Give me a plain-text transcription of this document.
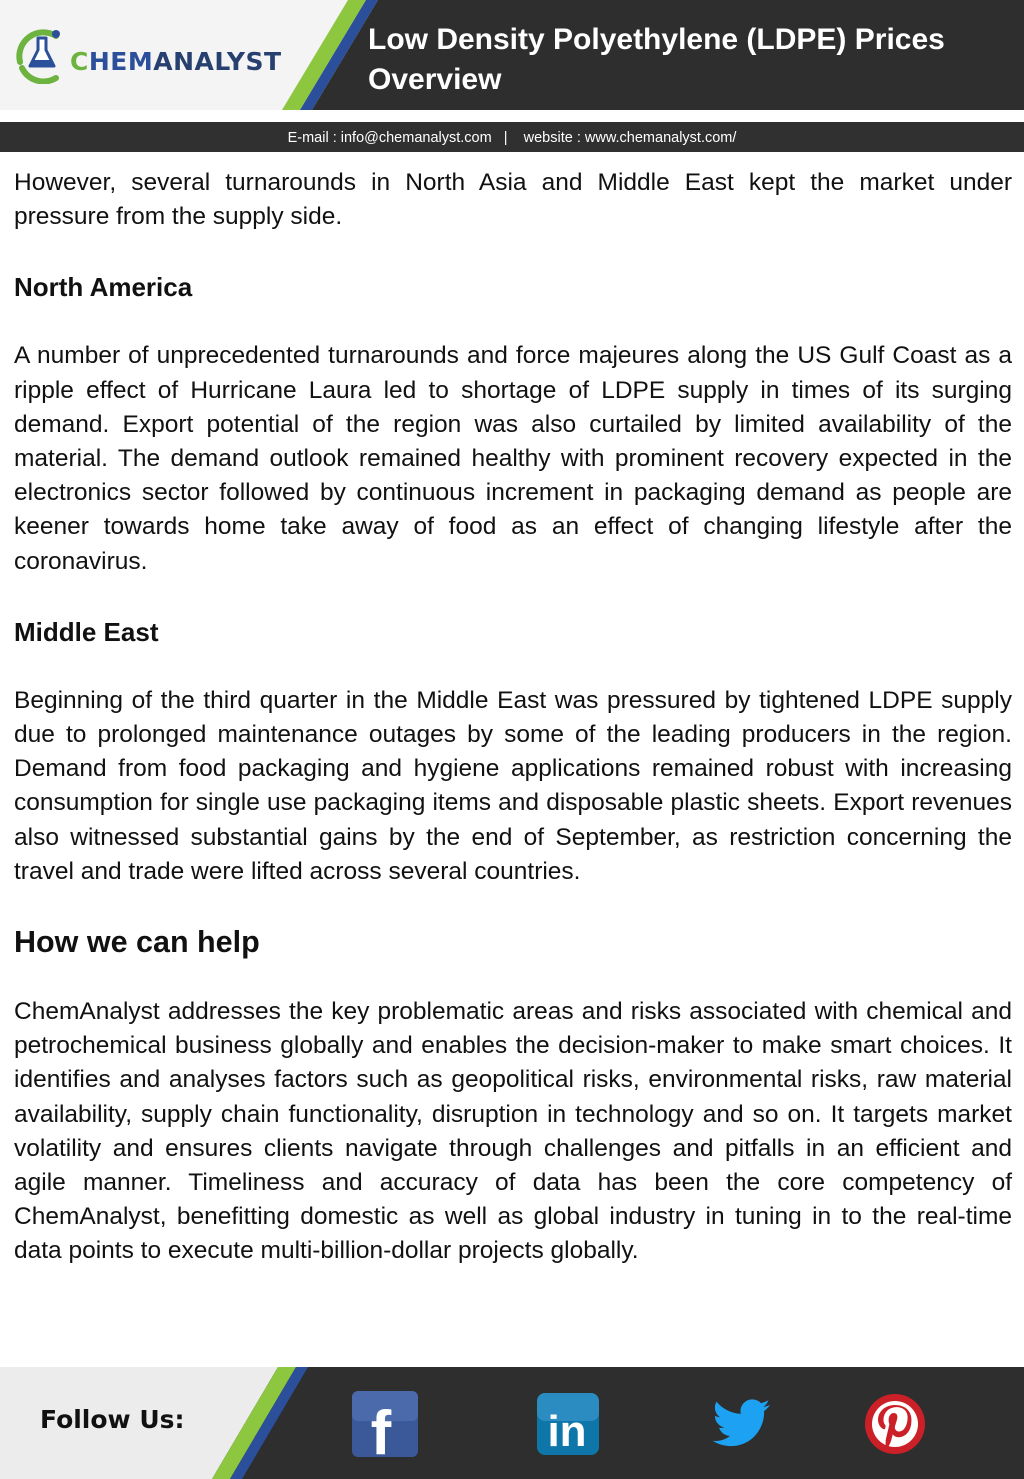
CHEMANALYST
Low Density Polyethylene (LDPE) Prices Overview
E-mail : info@chemanalyst.com   |    website : www.chemanalyst.com/

However, several turnarounds in North Asia and Middle East kept the market under pressure from the supply side.

North America

A number of unprecedented turnarounds and force majeures along the US Gulf Coast as a ripple effect of Hurricane Laura led to shortage of LDPE supply in times of its surging demand. Export potential of the region was also curtailed by limited availability of the material. The demand outlook remained healthy with prominent recovery expected in the electronics sector followed by continuous increment in packaging demand as people are keener towards home take away of food as an effect of changing lifestyle after the coronavirus.

Middle East

Beginning of the third quarter in the Middle East was pressured by tightened LDPE supply due to prolonged maintenance outages by some of the leading producers in the region. Demand from food packaging and hygiene applications remained robust with increasing consumption for single use packaging items and disposable plastic sheets. Export revenues also witnessed substantial gains by the end of September, as restriction concerning the travel and trade were lifted across several countries.

How we can help

ChemAnalyst addresses the key problematic areas and risks associated with chemical and petrochemical business globally and enables the decision-maker to make smart choices. It identifies and analyses factors such as geopolitical risks, environmental risks, raw material availability, supply chain functionality, disruption in technology and so on. It targets market volatility and ensures clients navigate through challenges and pitfalls in an efficient and agile manner. Timeliness and accuracy of data has been the core competency of ChemAnalyst, benefitting domestic as well as global industry in tuning in to the real-time data points to execute multi-billion-dollar projects globally.

Follow Us:	f	in
